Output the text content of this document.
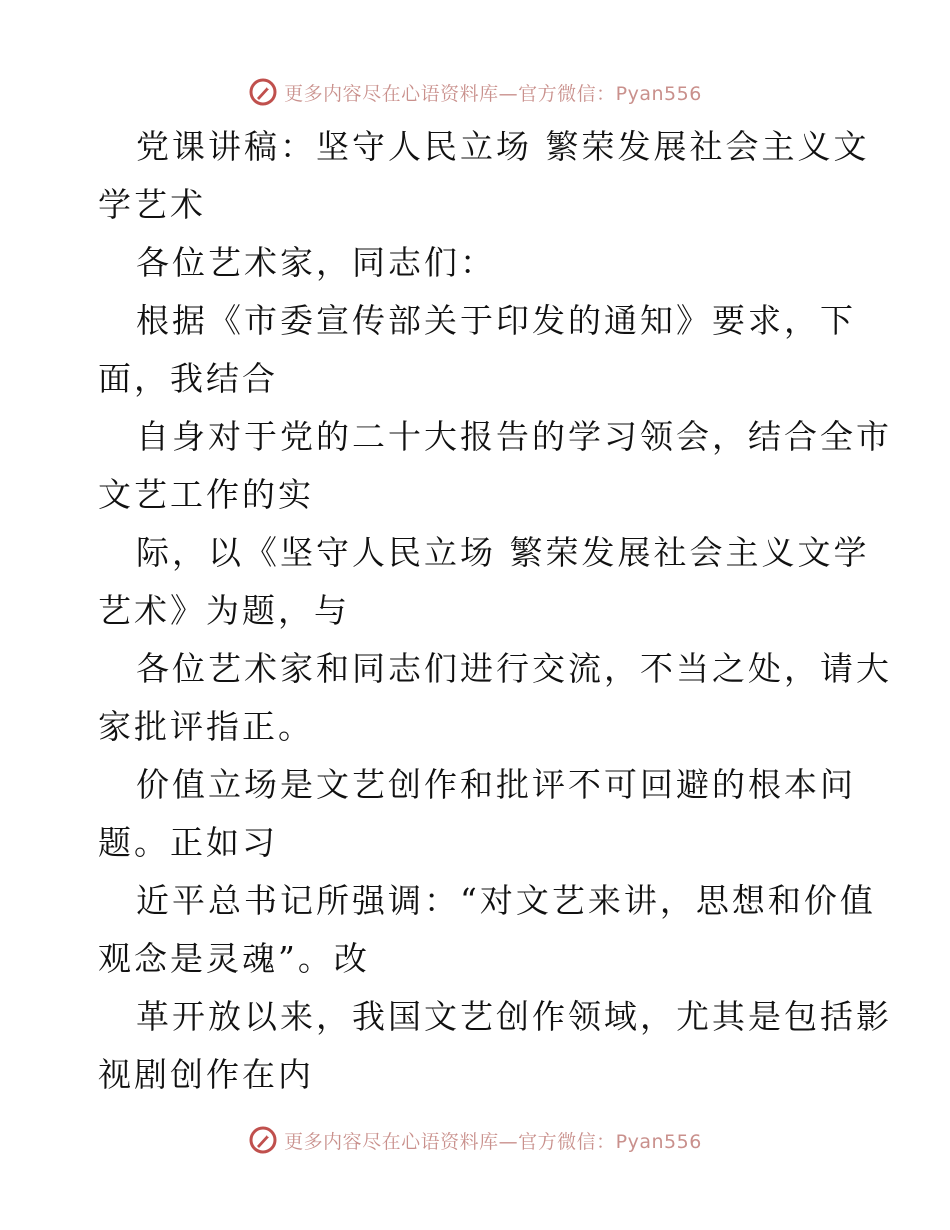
更多内容尽在心语资料库—官方微信：Pyan556

党课讲稿：坚守人民立场 繁荣发展社会主义文
学艺术

各位艺术家，同志们：

根据《市委宣传部关于印发的通知》要求，下
面，我结合

自身对于党的二十大报告的学习领会，结合全市
文艺工作的实

际，以《坚守人民立场 繁荣发展社会主义文学
艺术》为题，与

各位艺术家和同志们进行交流，不当之处，请大
家批评指正。

价值立场是文艺创作和批评不可回避的根本问
题。正如习

近平总书记所强调：“对文艺来讲，思想和价值
观念是灵魂”。改

革开放以来，我国文艺创作领域，尤其是包括影
视剧创作在内

更多内容尽在心语资料库—官方微信：Pyan556
